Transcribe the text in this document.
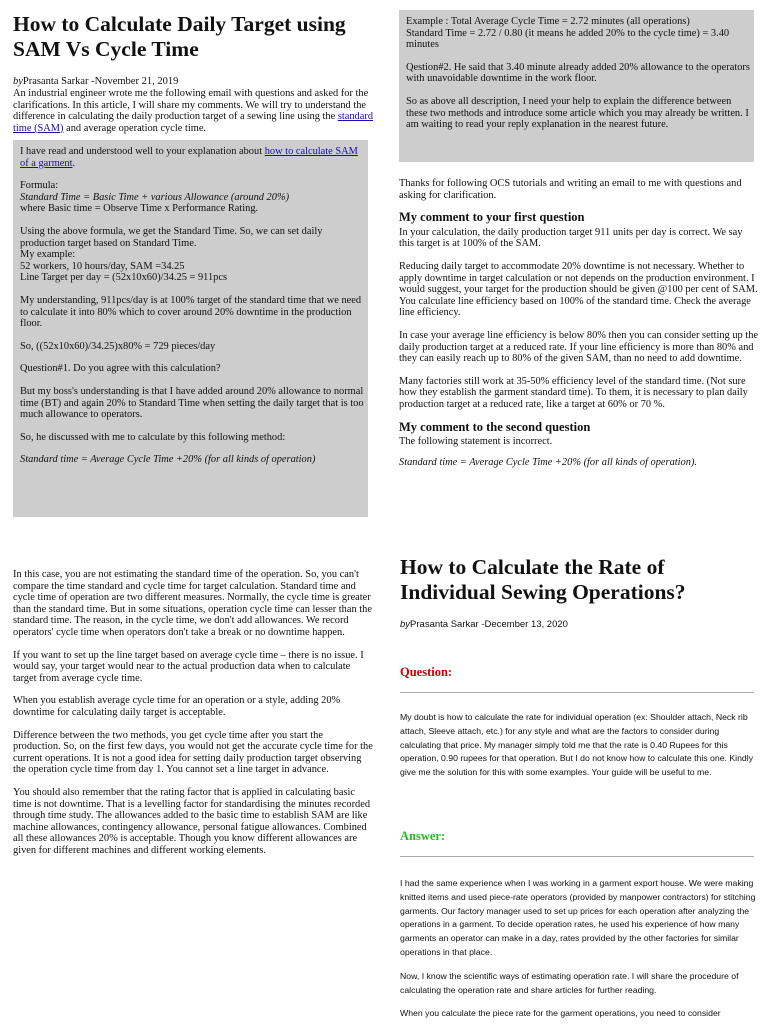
How to Calculate Daily Target using SAM Vs Cycle Time
byPrasanta Sarkar -November 21, 2019
An industrial engineer wrote me the following email with questions and asked for the clarifications. In this article, I will share my comments. We will try to understand the difference in calculating the daily production target of a sewing line using the standard time (SAM) and average operation cycle time.

I have read and understood well to your explanation about how to calculate SAM of a garment.

Formula:
Standard Time = Basic Time + various Allowance (around 20%)
where Basic time = Observe Time x Performance Rating.

Using the above formula, we get the Standard Time. So, we can set daily production target based on Standard Time.
My example:
52 workers, 10 hours/day, SAM =34.25
Line Target per day = (52x10x60)/34.25 = 911pcs

My understanding, 911pcs/day is at 100% target of the standard time that we need to calculate it into 80% which to cover around 20% downtime in the production floor.

So, ((52x10x60)/34.25)x80% = 729 pieces/day

Question#1. Do you agree with this calculation?

But my boss's understanding is that I have added around 20% allowance to normal time (BT) and again 20% to Standard Time when setting the daily target that is too much allowance to operators.

So, he discussed with me to calculate by this following method:

Standard time = Average Cycle Time +20% (for all kinds of operation)

Example : Total Average Cycle Time = 2.72 minutes (all operations)
Standard Time = 2.72 / 0.80 (it means he added 20% to the cycle time) = 3.40 minutes

Qestion#2. He said that 3.40 minute already added 20% allowance to the operators with unavoidable downtime in the work floor.

So as above all description, I need your help to explain the difference between these two methods and introduce some article which you may already be written. I am waiting to read your reply explanation in the nearest future.

Thanks for following OCS tutorials and writing an email to me with questions and asking for clarification.

My comment to your first question

In your calculation, the daily production target 911 units per day is correct. We say this target is at 100% of the SAM.

Reducing daily target to accommodate 20% downtime is not necessary. Whether to apply downtime in target calculation or not depends on the production environment. I would suggest, your target for the production should be given @100 per cent of SAM. You calculate line efficiency based on 100% of the standard time. Check the average line efficiency.

In case your average line efficiency is below 80% then you can consider setting up the daily production target at a reduced rate. If your line efficiency is more than 80% and they can easily reach up to 80% of the given SAM, than no need to add downtime.

Many factories still work at 35-50% efficiency level of the standard time. (Not sure how they establish the garment standard time). To them, it is necessary to plan daily production target at a reduced rate, like a target at 60% or 70 %.

My comment to the second question

The following statement is incorrect.

Standard time = Average Cycle Time +20% (for all kinds of operation).

In this case, you are not estimating the standard time of the operation. So, you can't compare the time standard and cycle time for target calculation. Standard time and cycle time of operation are two different measures. Normally, the cycle time is greater than the standard time. But in some situations, operation cycle time can lesser than the standard time. The reason, in the cycle time, we don't add allowances. We record operators' cycle time when operators don't take a break or no downtime happen.

If you want to set up the line target based on average cycle time – there is no issue. I would say, your target would near to the actual production data when to calculate target from average cycle time.

When you establish average cycle time for an operation or a style, adding 20% downtime for calculating daily target is acceptable.

Difference between the two methods, you get cycle time after you start the production. So, on the first few days, you would not get the accurate cycle time for the current operations. It is not a good idea for setting daily production target observing the operation cycle time from day 1. You cannot set a line target in advance.

You should also remember that the rating factor that is applied in calculating basic time is not downtime. That is a levelling factor for standardising the minutes recorded through time study. The allowances added to the basic time to establish SAM are like machine allowances, contingency allowance, personal fatigue allowances. Combined all these allowances 20% is acceptable. Though you know different allowances are given for different machines and different working elements.

How to Calculate the Rate of Individual Sewing Operations?
byPrasanta Sarkar -December 13, 2020
Question:

My doubt is how to calculate the rate for individual operation (ex: Shoulder attach, Neck rib attach, Sleeve attach, etc.) for any style and what are the factors to consider during calculating that price. My manager simply told me that the rate is 0.40 Rupees for this operation, 0.90 rupees for that operation. But I do not know how to calculate this one. Kindly give me the solution for this with some examples. Your guide will be useful to me.

Answer:

I had the same experience when I was working in a garment export house. We were making knitted items and used piece-rate operators (provided by manpower contractors) for stitching garments. Our factory manager used to set up prices for each operation after analyzing the operations in a garment. To decide operation rates, he used his experience of how many garments an operator can make in a day, rates provided by the other factories for similar operations in that place.

Now, I know the scientific ways of estimating operation rate. I will share the procedure of calculating the operation rate and share articles for further reading.

When you calculate the piece rate for the garment operations, you need to consider
